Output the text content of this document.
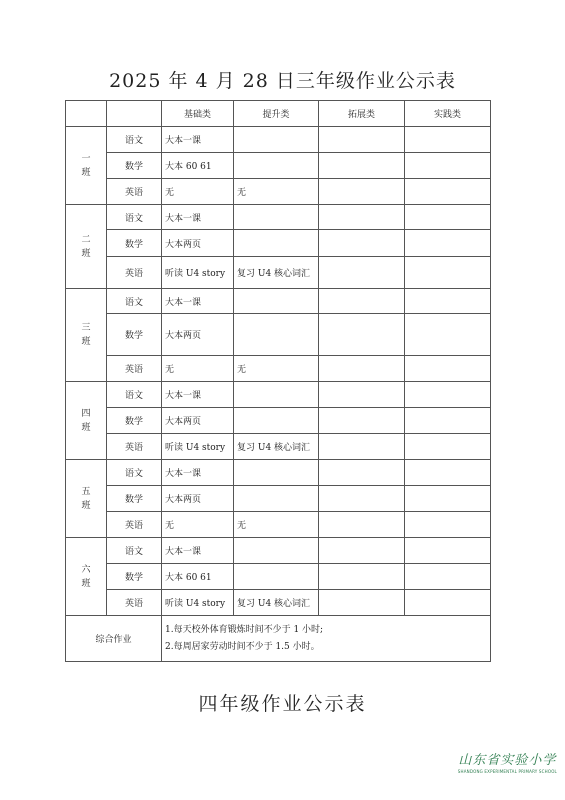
2025 年 4 月 28 日三年级作业公示表
		基础类	提升类	拓展类	实践类

一
班	语文	大本一课			
	数学	大本 60 61			
	英语	无	无		

二
班	语文	大本一课			
	数学	大本两页			
	英语	听读 U4 story	复习 U4 核心词汇		

三
班	语文	大本一课			
	数学	大本两页			
	英语	无	无		

四
班	语文	大本一课			
	数学	大本两页			
	英语	听读 U4 story	复习 U4 核心词汇		

五
班	语文	大本一课			
	数学	大本两页			
	英语	无	无		

六
班	语文	大本一课			
	数学	大本 60 61			
	英语	听读 U4 story	复习 U4 核心词汇		
综合作业		1.每天校外体育锻炼时间不少于 1 小时;
2.每周居家劳动时间不少于 1.5 小时。			
四年级作业公示表
山东省实验小学
SHANDONG EXPERIMENTAL PRIMARY SCHOOL
